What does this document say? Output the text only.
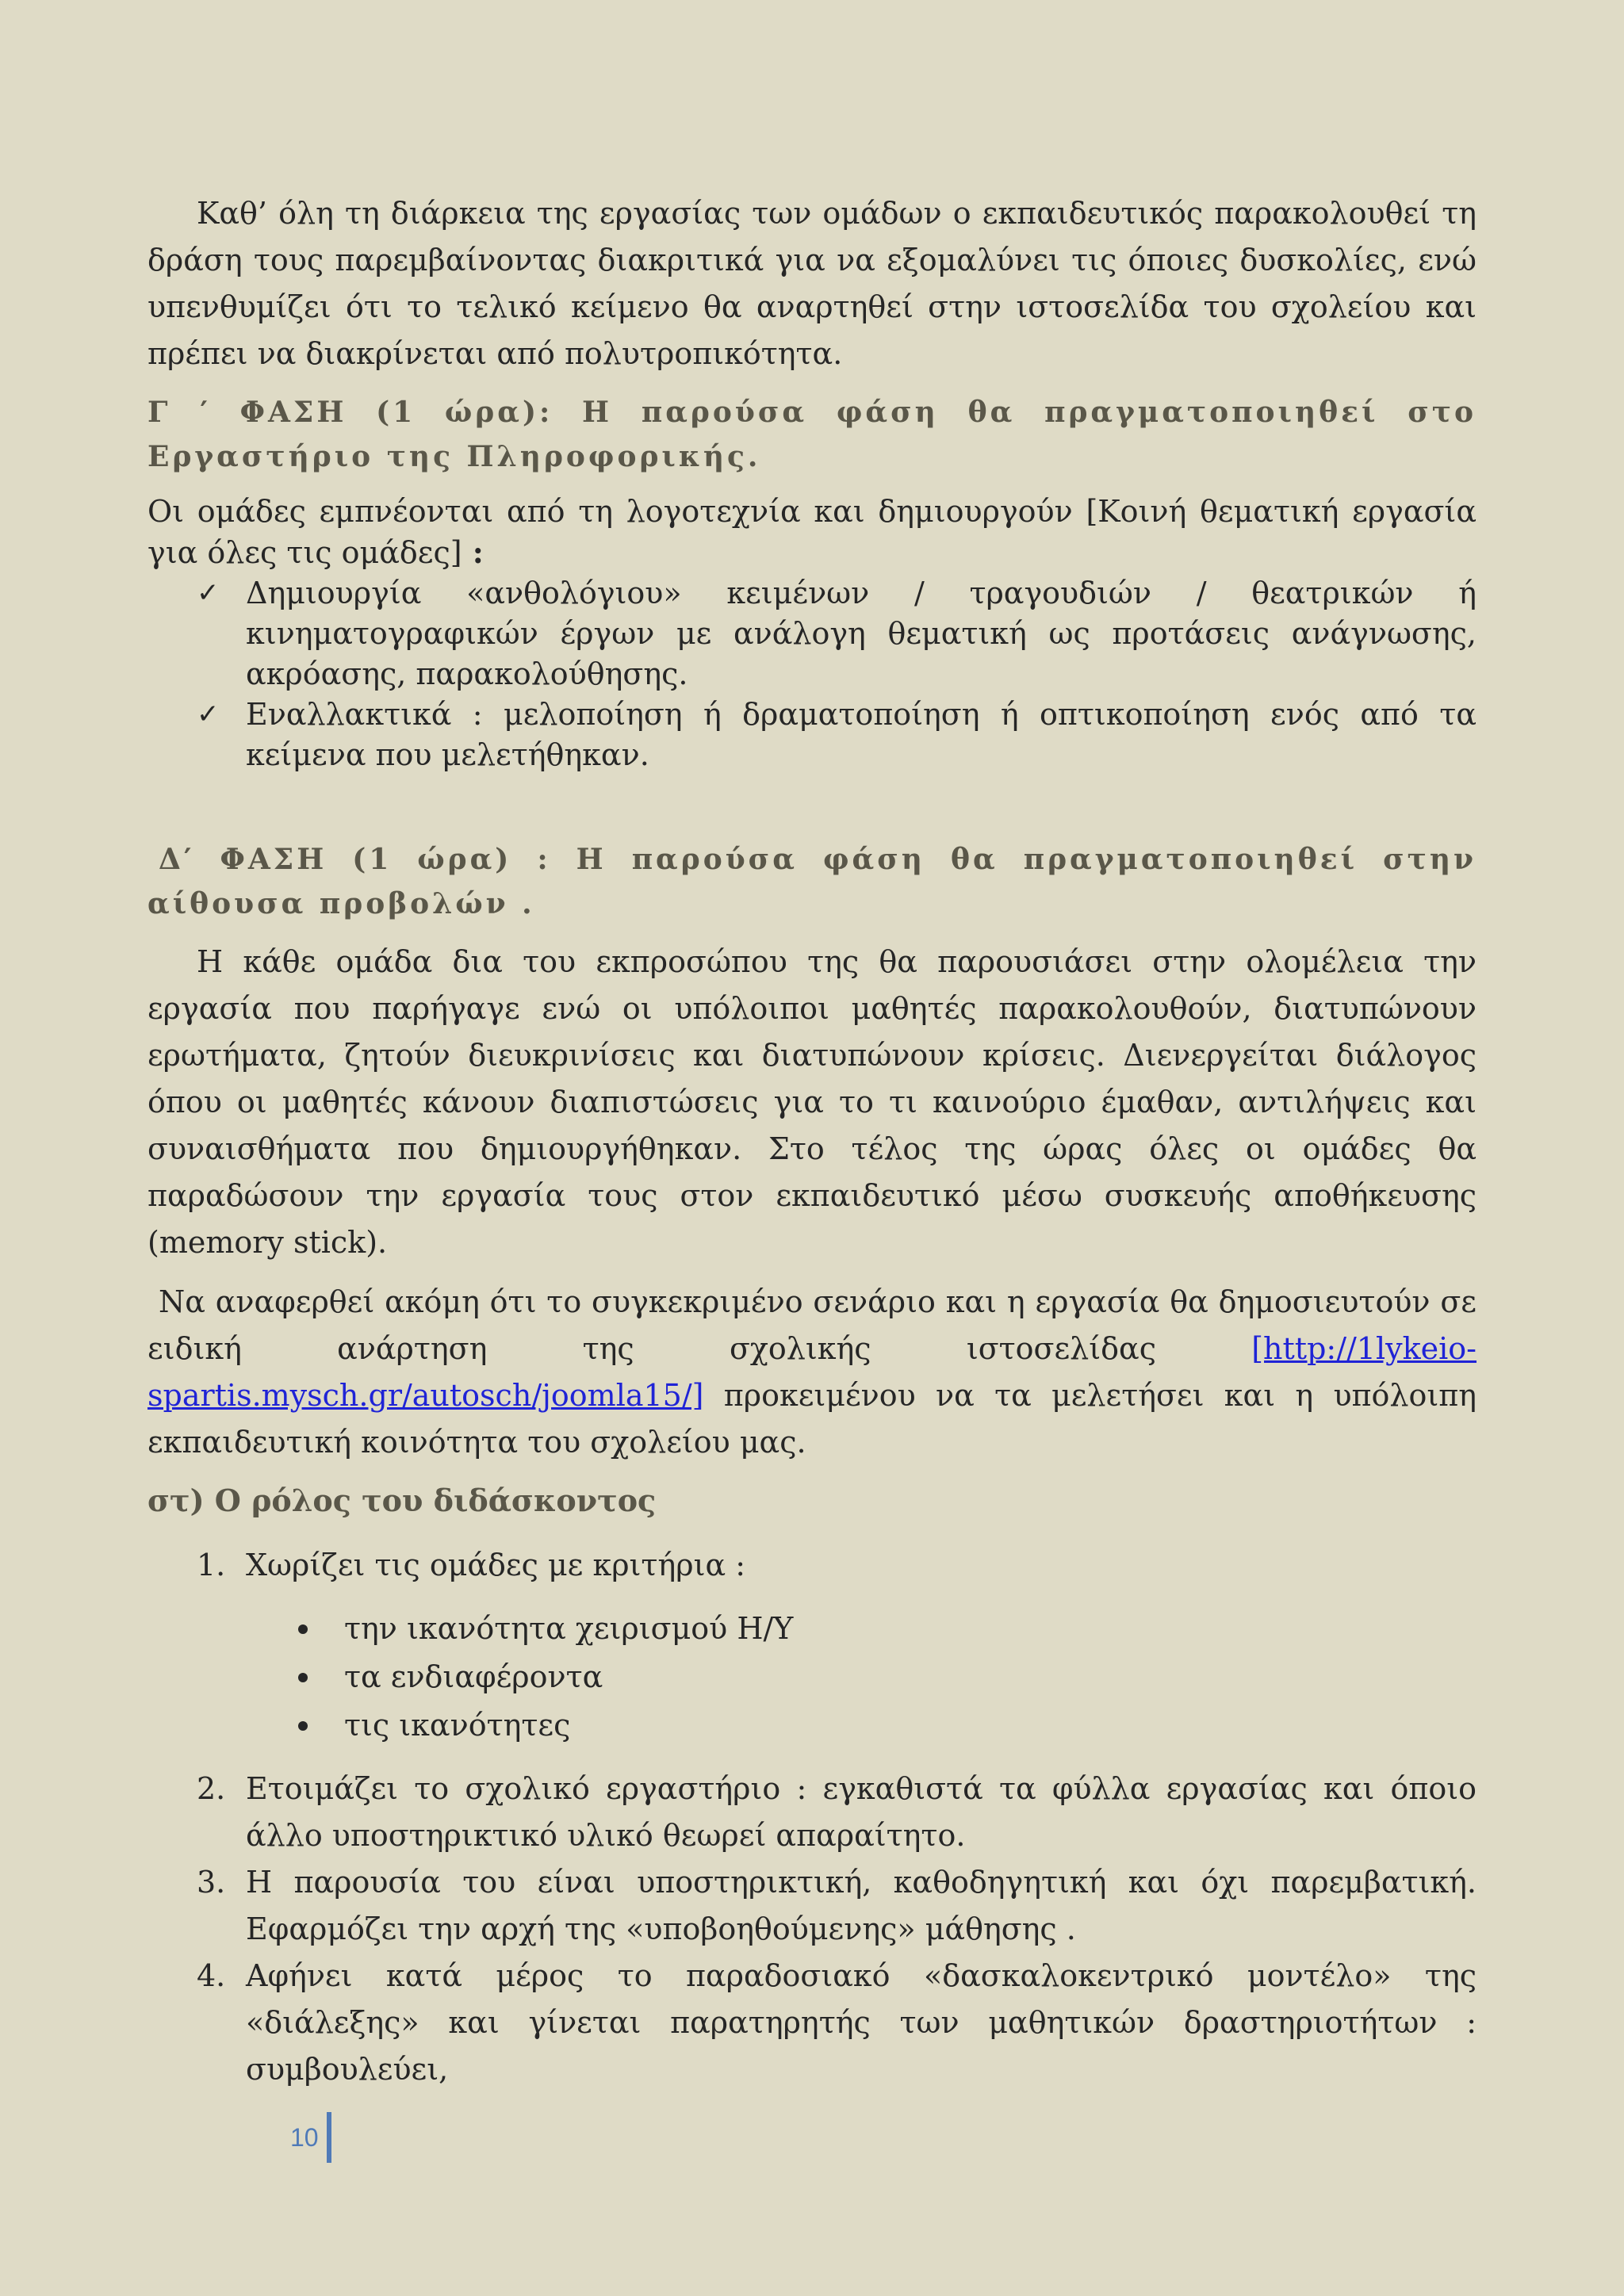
Καθ’ όλη τη διάρκεια της εργασίας των ομάδων ο εκπαιδευτικός παρακολουθεί τη δράση τους παρεμβαίνοντας διακριτικά για να εξομαλύνει τις όποιες δυσκολίες, ενώ υπενθυμίζει ότι το τελικό κείμενο θα αναρτηθεί στην ιστοσελίδα του σχολείου και πρέπει να διακρίνεται από πολυτροπικότητα.

Γ ′ ΦΑΣΗ (1 ώρα): Η παρούσα φάση θα πραγματοποιηθεί στο Εργαστήριο της Πληροφορικής.

Οι ομάδες εμπνέονται από τη λογοτεχνία και δημιουργούν [Κοινή θεματική εργασία για όλες τις ομάδες] :

✓ Δημιουργία «ανθολόγιου» κειμένων / τραγουδιών / θεατρικών ή κινηματογραφικών έργων με ανάλογη θεματική ως προτάσεις ανάγνωσης, ακρόασης, παρακολούθησης.
✓ Εναλλακτικά : μελοποίηση ή δραματοποίηση ή οπτικοποίηση ενός από τα κείμενα που μελετήθηκαν.

Δ′ ΦΑΣΗ (1 ώρα) : Η παρούσα φάση θα πραγματοποιηθεί στην αίθουσα προβολών .

Η κάθε ομάδα δια του εκπροσώπου της θα παρουσιάσει στην ολομέλεια την εργασία που παρήγαγε ενώ οι υπόλοιποι μαθητές παρακολουθούν, διατυπώνουν ερωτήματα, ζητούν διευκρινίσεις και διατυπώνουν κρίσεις. Διενεργείται διάλογος όπου οι μαθητές κάνουν διαπιστώσεις για το τι καινούριο έμαθαν, αντιλήψεις και συναισθήματα που δημιουργήθηκαν. Στο τέλος της ώρας όλες οι ομάδες θα παραδώσουν την εργασία τους στον εκπαιδευτικό μέσω συσκευής αποθήκευσης (memory stick).

Να αναφερθεί ακόμη ότι το συγκεκριμένο σενάριο και η εργασία θα δημοσιευτούν σε ειδική ανάρτηση της σχολικής ιστοσελίδας [http://1lykeio-spartis.mysch.gr/autosch/joomla15/] προκειμένου να τα μελετήσει και η υπόλοιπη εκπαιδευτική κοινότητα του σχολείου μας.

στ) Ο ρόλος του διδάσκοντος

1. Χωρίζει τις ομάδες με κριτήρια :
την ικανότητα χειρισμού Η/Υ
τα ενδιαφέροντα
τις ικανότητες
2. Ετοιμάζει το σχολικό εργαστήριο : εγκαθιστά τα φύλλα εργασίας και όποιο άλλο υποστηρικτικό υλικό θεωρεί απαραίτητο.
3. Η παρουσία του είναι υποστηρικτική, καθοδηγητική και όχι παρεμβατική. Εφαρμόζει την αρχή της «υποβοηθούμενης» μάθησης .
4. Αφήνει κατά μέρος το παραδοσιακό «δασκαλοκεντρικό μοντέλο» της «διάλεξης» και γίνεται παρατηρητής των μαθητικών δραστηριοτήτων : συμβουλεύει,
10
